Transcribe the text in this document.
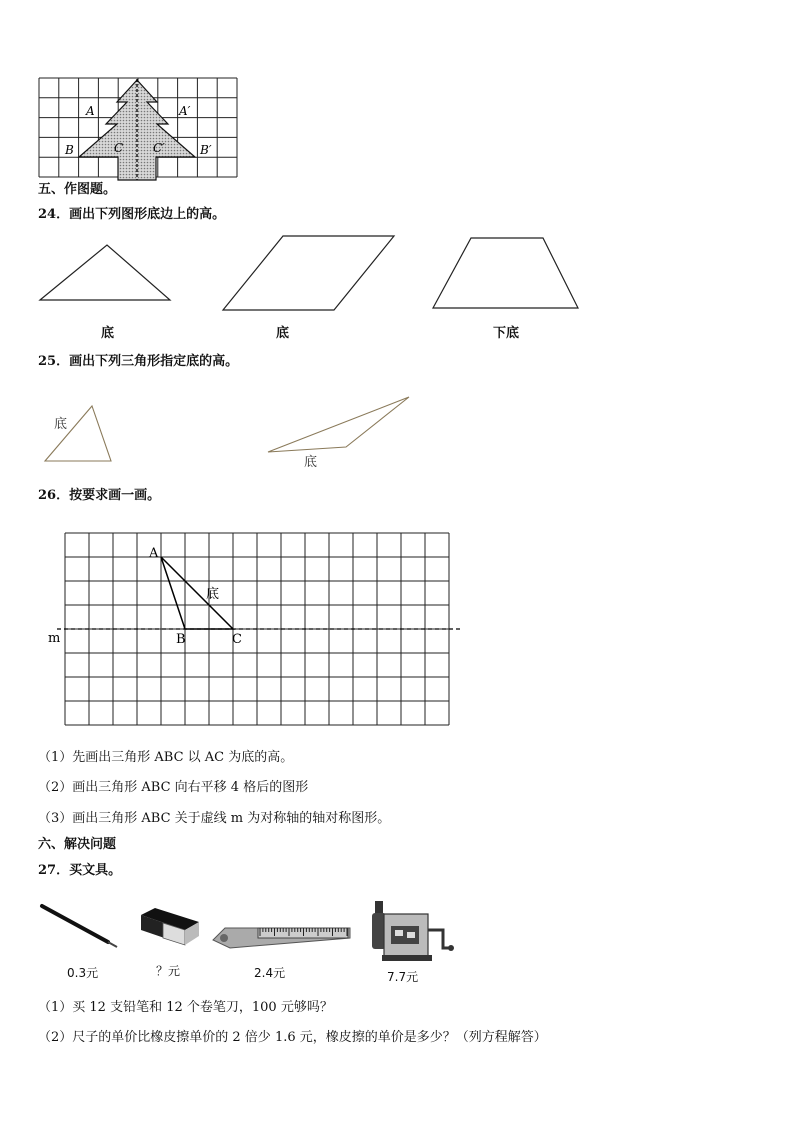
A	A′
B	C C′	B′
五、作图题。
24．画出下列图形底边上的高。
底	底	下底
25．画出下列三角形指定底的高。
底
底
26．按要求画一画。
A
B	C
m
底
（1）先画出三角形 ABC 以 AC 为底的高。
（2）画出三角形 ABC 向右平移 4 格后的图形
（3）画出三角形 ABC 关于虚线 m 为对称轴的轴对称图形。
六、解决问题
27．买文具。
0.3元	？元	2.4元	7.7元
（1）买 12 支铅笔和 12 个卷笔刀，100 元够吗？
（2）尺子的单价比橡皮擦单价的 2 倍少 1.6 元，橡皮擦的单价是多少？（列方程解答）
